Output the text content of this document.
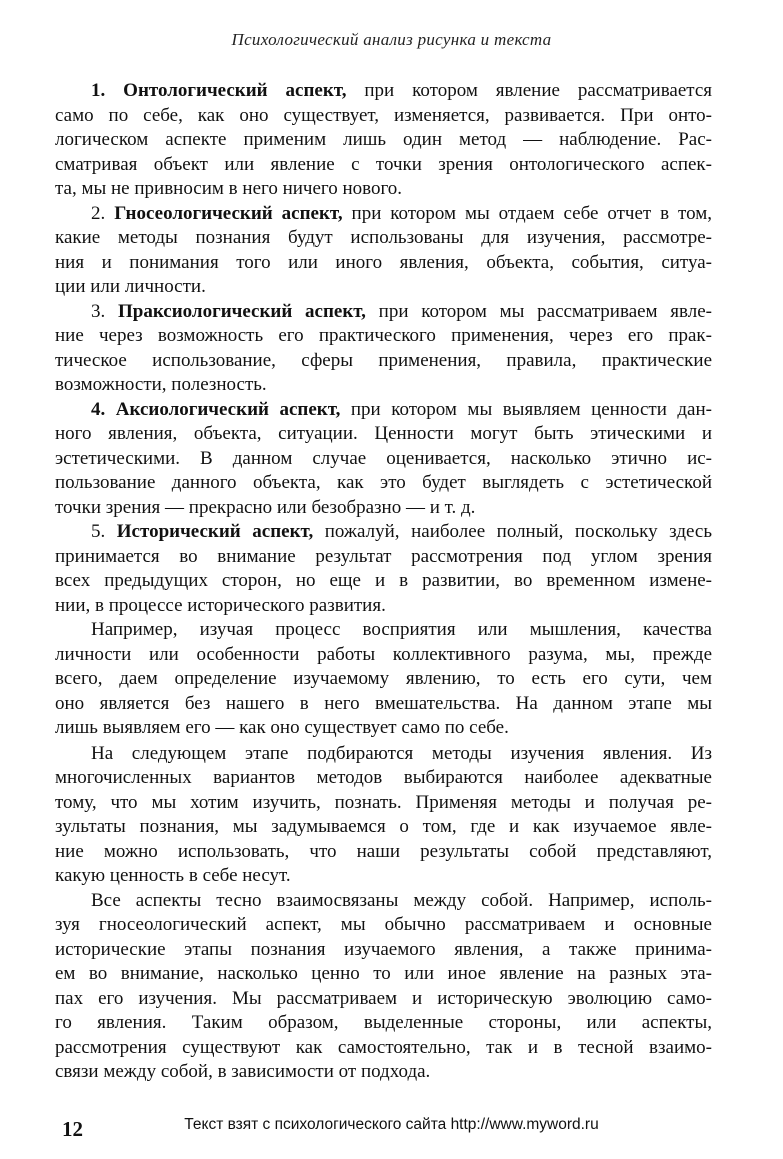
Психологический анализ рисунка и текста
1. Онтологический аспект, при котором явление рассматривается
само по себе, как оно существует, изменяется, развивается. При онто-
логическом аспекте применим лишь один метод — наблюдение. Рас-
сматривая объект или явление с точки зрения онтологического аспек-
та, мы не привносим в него ничего нового.
2. Гносеологический аспект, при котором мы отдаем себе отчет в том,
какие методы познания будут использованы для изучения, рассмотре-
ния и понимания того или иного явления, объекта, события, ситуа-
ции или личности.
3. Праксиологический аспект, при котором мы рассматриваем явле-
ние через возможность его практического применения, через его прак-
тическое использование, сферы применения, правила, практические
возможности, полезность.
4. Аксиологический аспект, при котором мы выявляем ценности дан-
ного явления, объекта, ситуации. Ценности могут быть этическими и
эстетическими. В данном случае оценивается, насколько этично ис-
пользование данного объекта, как это будет выглядеть с эстетической
точки зрения — прекрасно или безобразно — и т. д.
5. Исторический аспект, пожалуй, наиболее полный, поскольку здесь
принимается во внимание результат рассмотрения под углом зрения
всех предыдущих сторон, но еще и в развитии, во временном измене-
нии, в процессе исторического развития.
Например, изучая процесс восприятия или мышления, качества
личности или особенности работы коллективного разума, мы, прежде
всего, даем определение изучаемому явлению, то есть его сути, чем
оно является без нашего в него вмешательства. На данном этапе мы
лишь выявляем его — как оно существует само по себе.
На следующем этапе подбираются методы изучения явления. Из
многочисленных вариантов методов выбираются наиболее адекватные
тому, что мы хотим изучить, познать. Применяя методы и получая ре-
зультаты познания, мы задумываемся о том, где и как изучаемое явле-
ние можно использовать, что наши результаты собой представляют,
какую ценность в себе несут.
Все аспекты тесно взаимосвязаны между собой. Например, исполь-
зуя гносеологический аспект, мы обычно рассматриваем и основные
исторические этапы познания изучаемого явления, а также принима-
ем во внимание, насколько ценно то или иное явление на разных эта-
пах его изучения. Мы рассматриваем и историческую эволюцию само-
го явления. Таким образом, выделенные стороны, или аспекты,
рассмотрения существуют как самостоятельно, так и в тесной взаимо-
связи между собой, в зависимости от подхода.
12	Текст взят с психологического сайта http://www.myword.ru
